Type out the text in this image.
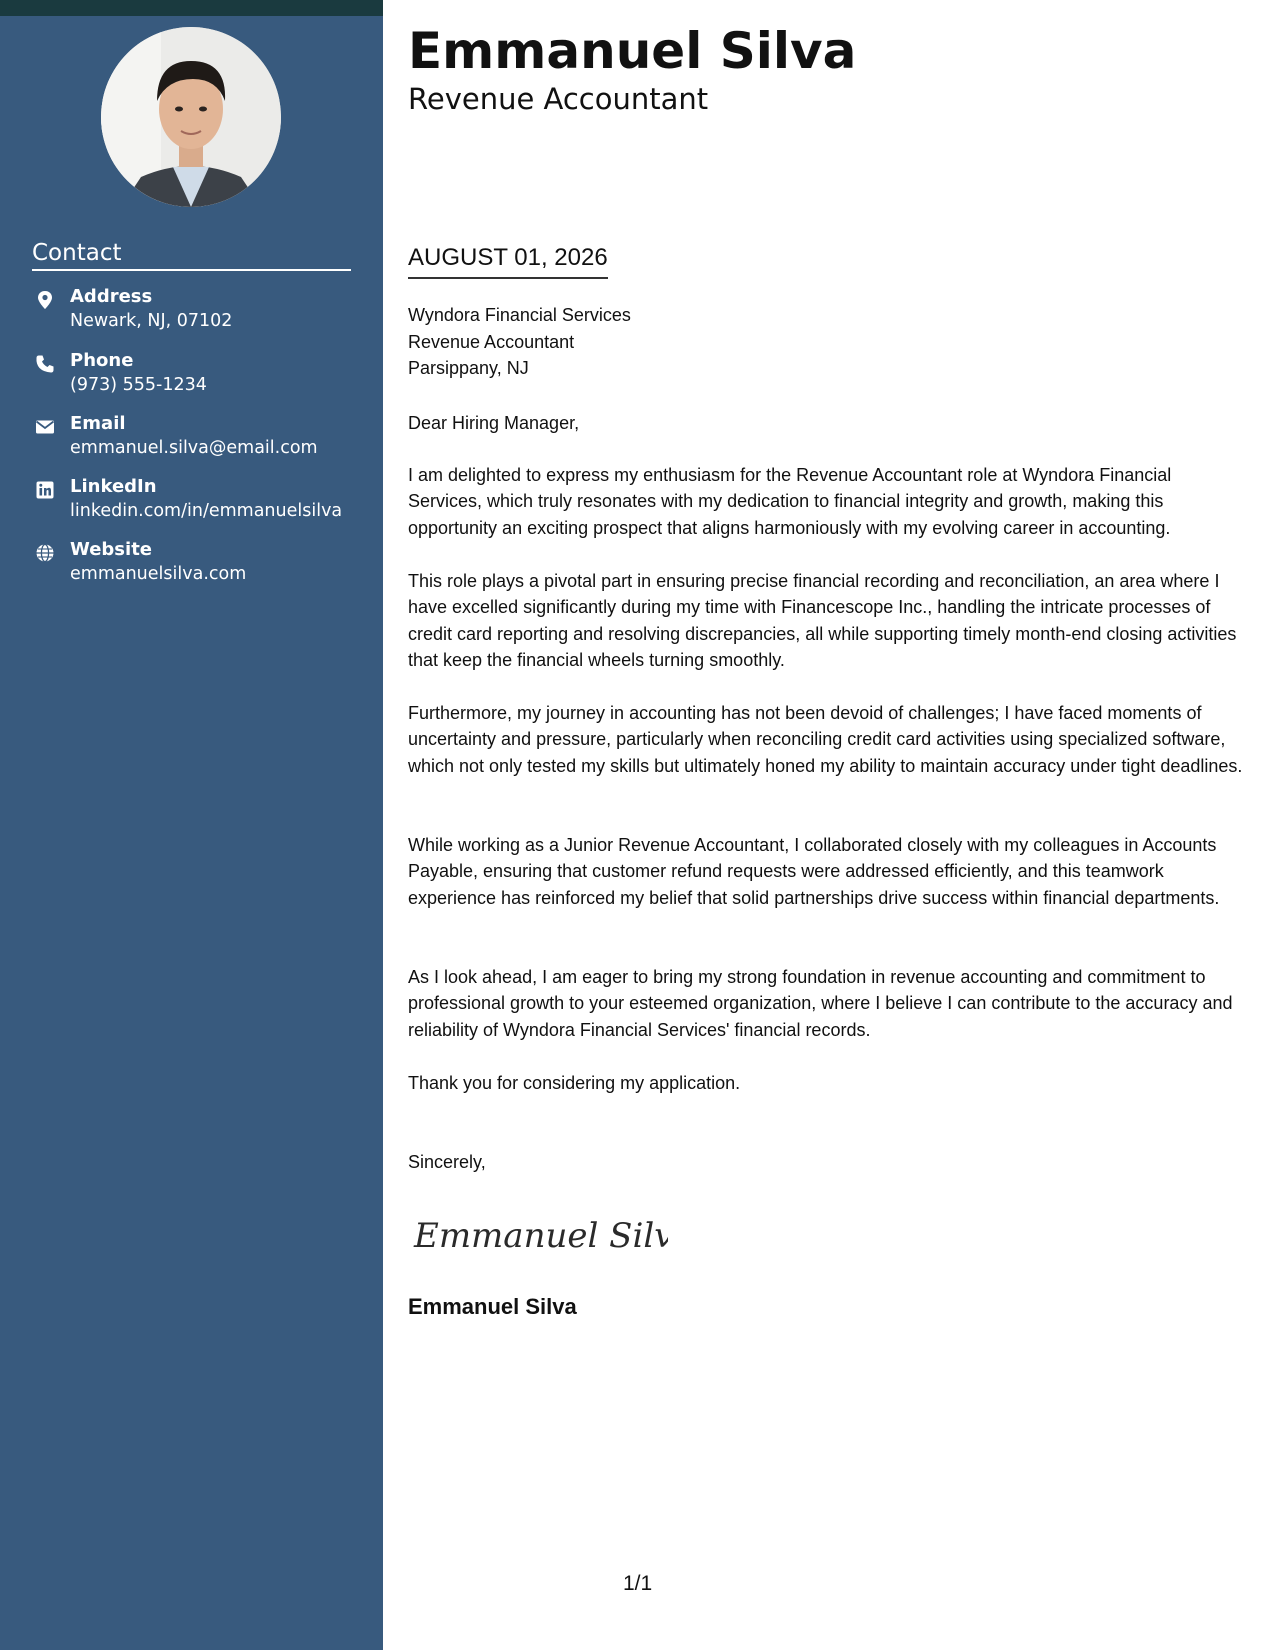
Contact
Address
Newark, NJ, 07102
Phone
(973) 555-1234
Email
emmanuel.silva@email.com
LinkedIn
linkedin.com/in/emmanuelsilva
Website
emmanuelsilva.com
Emmanuel Silva
Revenue Accountant
AUGUST 01, 2026
Wyndora Financial Services
Revenue Accountant
Parsippany, NJ
Dear Hiring Manager,
I am delighted to express my enthusiasm for the Revenue Accountant role at Wyndora Financial Services, which truly resonates with my dedication to financial integrity and growth, making this opportunity an exciting prospect that aligns harmoniously with my evolving career in accounting.
This role plays a pivotal part in ensuring precise financial recording and reconciliation, an area where I have excelled significantly during my time with Financescope Inc., handling the intricate processes of credit card reporting and resolving discrepancies, all while supporting timely month-end closing activities that keep the financial wheels turning smoothly.
Furthermore, my journey in accounting has not been devoid of challenges; I have faced moments of uncertainty and pressure, particularly when reconciling credit card activities using specialized software, which not only tested my skills but ultimately honed my ability to maintain accuracy under tight deadlines.
While working as a Junior Revenue Accountant, I collaborated closely with my colleagues in Accounts Payable, ensuring that customer refund requests were addressed efficiently, and this teamwork experience has reinforced my belief that solid partnerships drive success within financial departments.
As I look ahead, I am eager to bring my strong foundation in revenue accounting and commitment to professional growth to your esteemed organization, where I believe I can contribute to the accuracy and reliability of Wyndora Financial Services' financial records.
Thank you for considering my application.
Sincerely,
Emmanuel Silva
Emmanuel Silva
1/1
